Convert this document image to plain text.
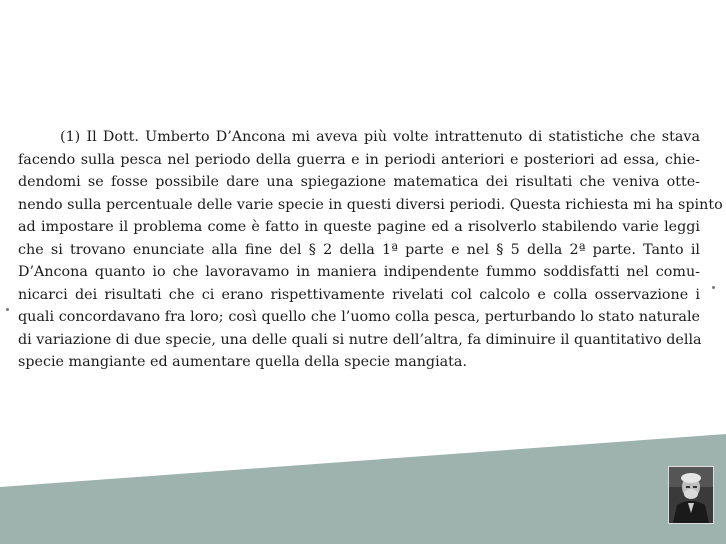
(1) Il Dott. Umberto D’Ancona mi aveva più volte intrattenuto di statistiche che stava
facendo sulla pesca nel periodo della guerra e in periodi anteriori e posteriori ad essa, chie-
dendomi se fosse possibile dare una spiegazione matematica dei risultati che veniva otte-
nendo sulla percentuale delle varie specie in questi diversi periodi. Questa richiesta mi ha spinto
ad impostare il problema come è fatto in queste pagine ed a risolverlo stabilendo varie leggi
che si trovano enunciate alla fine del § 2 della 1ª parte e nel § 5 della 2ª parte. Tanto il
D’Ancona quanto io che lavoravamo in maniera indipendente fummo soddisfatti nel comu-
nicarci dei risultati che ci erano rispettivamente rivelati col calcolo e colla osservazione i
quali concordavano fra loro; così quello che l’uomo colla pesca, perturbando lo stato naturale
di variazione di due specie, una delle quali si nutre dell’altra, fa diminuire il quantitativo della
specie mangiante ed aumentare quella della specie mangiata.
